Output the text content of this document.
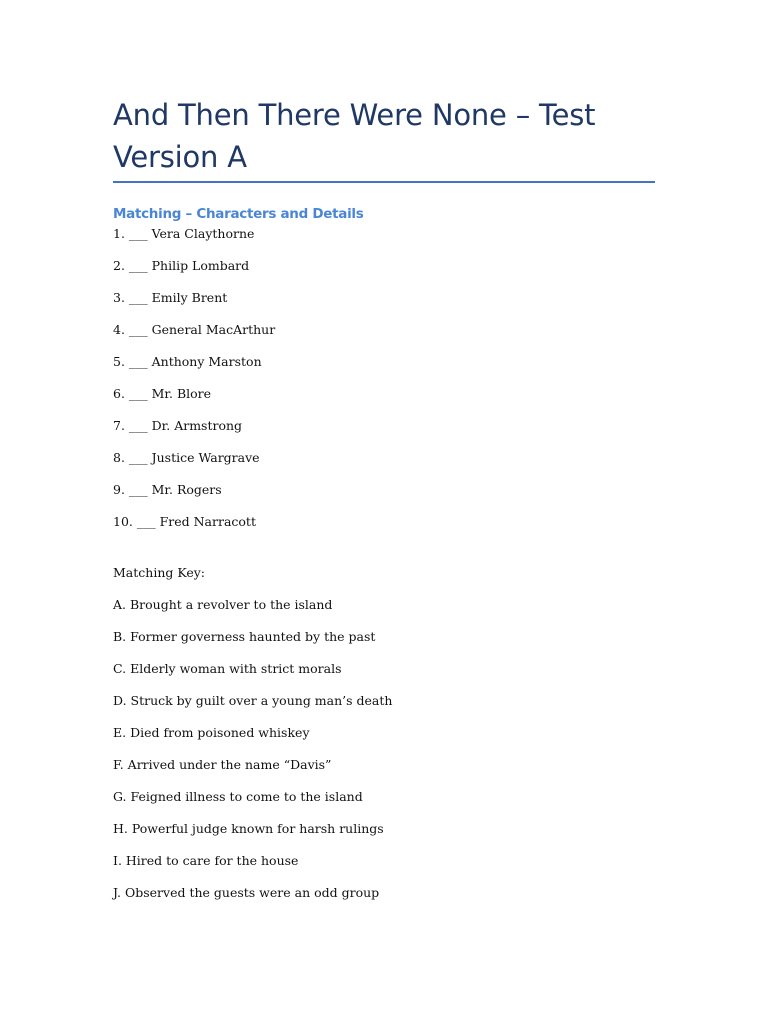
And Then There Were None – Test Version A
Matching – Characters and Details
1. ___ Vera Claythorne
2. ___ Philip Lombard
3. ___ Emily Brent
4. ___ General MacArthur
5. ___ Anthony Marston
6. ___ Mr. Blore
7. ___ Dr. Armstrong
8. ___ Justice Wargrave
9. ___ Mr. Rogers
10. ___ Fred Narracott
Matching Key:
A. Brought a revolver to the island
B. Former governess haunted by the past
C. Elderly woman with strict morals
D. Struck by guilt over a young man’s death
E. Died from poisoned whiskey
F. Arrived under the name “Davis”
G. Feigned illness to come to the island
H. Powerful judge known for harsh rulings
I. Hired to care for the house
J. Observed the guests were an odd group
